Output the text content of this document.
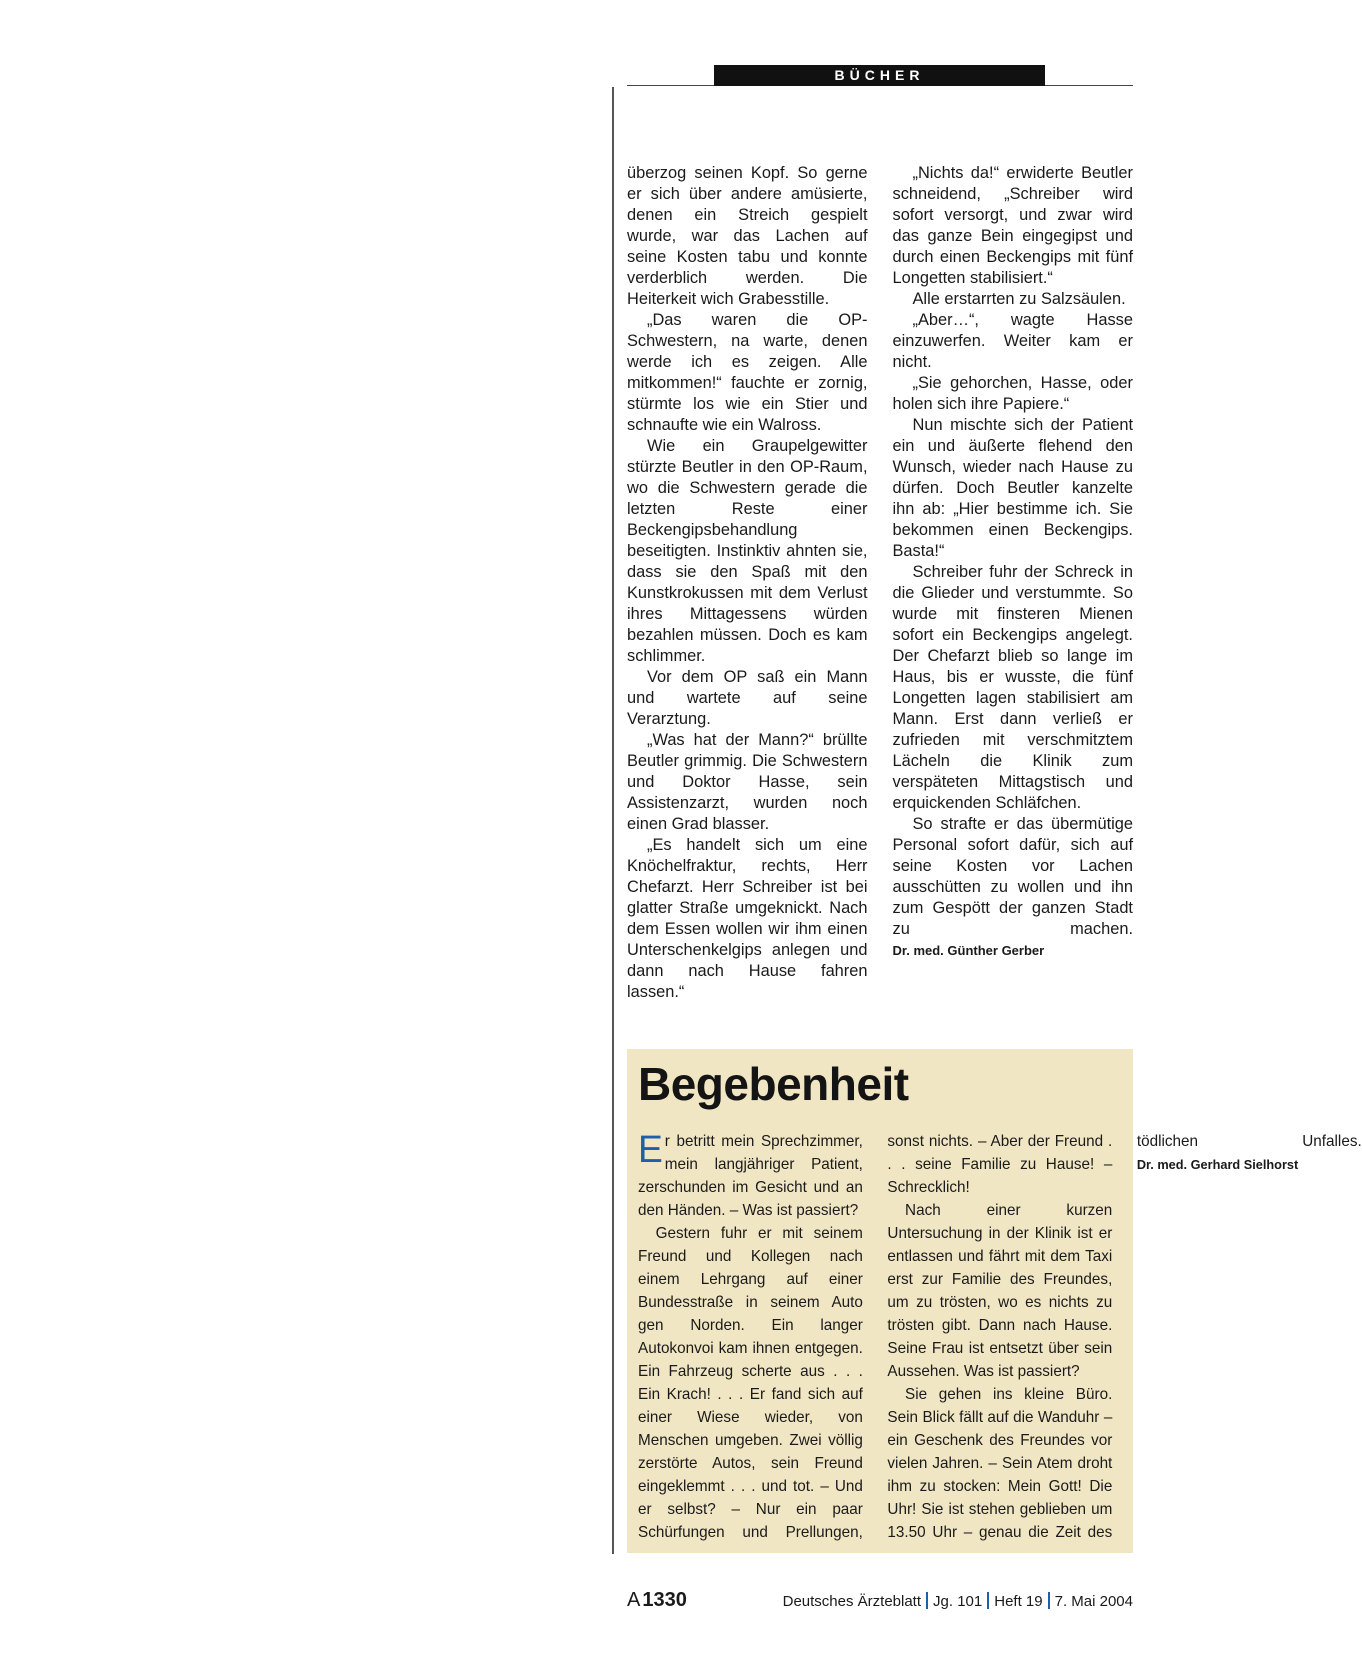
BÜCHER

überzog seinen Kopf. So gerne er sich über andere amüsierte, denen ein Streich gespielt wurde, war das Lachen auf seine Kosten tabu und konnte verderblich werden. Die Heiterkeit wich Grabesstille.

„Das waren die OP-Schwestern, na warte, denen werde ich es zeigen. Alle mitkommen!“ fauchte er zornig, stürmte los wie ein Stier und schnaufte wie ein Walross.

Wie ein Graupelgewitter stürzte Beutler in den OP-Raum, wo die Schwestern gerade die letzten Reste einer Beckengipsbehandlung beseitigten. Instinktiv ahnten sie, dass sie den Spaß mit den Kunstkrokussen mit dem Verlust ihres Mittagessens würden bezahlen müssen. Doch es kam schlimmer.

Vor dem OP saß ein Mann und wartete auf seine Verarztung.

„Was hat der Mann?“ brüllte Beutler grimmig. Die Schwestern und Doktor Hasse, sein Assistenzarzt, wurden noch einen Grad blasser.

„Es handelt sich um eine Knöchelfraktur, rechts, Herr Chefarzt. Herr Schreiber ist bei glatter Straße umgeknickt. Nach dem Essen wollen wir ihm einen Unterschenkelgips anlegen und dann nach Hause fahren lassen.“

„Nichts da!“ erwiderte Beutler schneidend, „Schreiber wird sofort versorgt, und zwar wird das ganze Bein eingegipst und durch einen Beckengips mit fünf Longetten stabilisiert.“

Alle erstarrten zu Salzsäulen.

„Aber…“, wagte Hasse einzuwerfen. Weiter kam er nicht.

„Sie gehorchen, Hasse, oder holen sich ihre Papiere.“

Nun mischte sich der Patient ein und äußerte flehend den Wunsch, wieder nach Hause zu dürfen. Doch Beutler kanzelte ihn ab: „Hier bestimme ich. Sie bekommen einen Beckengips. Basta!“

Schreiber fuhr der Schreck in die Glieder und verstummte. So wurde mit finsteren Mienen sofort ein Beckengips angelegt. Der Chefarzt blieb so lange im Haus, bis er wusste, die fünf Longetten lagen stabilisiert am Mann. Erst dann verließ er zufrieden mit verschmitztem Lächeln die Klinik zum verspäteten Mittagstisch und erquickenden Schläfchen.

So strafte er das übermütige Personal sofort dafür, sich auf seine Kosten vor Lachen ausschütten zu wollen und ihn zum Gespött der ganzen Stadt zu machen. Dr. med. Günther Gerber

Begebenheit

Er betritt mein Sprechzimmer, mein langjähriger Patient, zerschunden im Gesicht und an den Händen. – Was ist passiert?

Gestern fuhr er mit seinem Freund und Kollegen nach einem Lehrgang auf einer Bundesstraße in seinem Auto gen Norden. Ein langer Autokonvoi kam ihnen entgegen. Ein Fahrzeug scherte aus . . . Ein Krach! . . . Er fand sich auf einer Wiese wieder, von Menschen umgeben. Zwei völlig zerstörte Autos, sein Freund eingeklemmt . . . und tot. – Und er selbst? – Nur ein paar Schürfungen und Prellungen, sonst nichts. – Aber der Freund . . . seine Familie zu Hause! – Schrecklich!

Nach einer kurzen Untersuchung in der Klinik ist er entlassen und fährt mit dem Taxi erst zur Familie des Freundes, um zu trösten, wo es nichts zu trösten gibt. Dann nach Hause. Seine Frau ist entsetzt über sein Aussehen. Was ist passiert?

Sie gehen ins kleine Büro. Sein Blick fällt auf die Wanduhr – ein Geschenk des Freundes vor vielen Jahren. – Sein Atem droht ihm zu stocken: Mein Gott! Die Uhr! Sie ist stehen geblieben um 13.50 Uhr – genau die Zeit des tödlichen Unfalles. Dr. med. Gerhard Sielhorst

A 1330	Deutsches Ärzteblatt Jg. 101 Heft 19 7. Mai 2004
